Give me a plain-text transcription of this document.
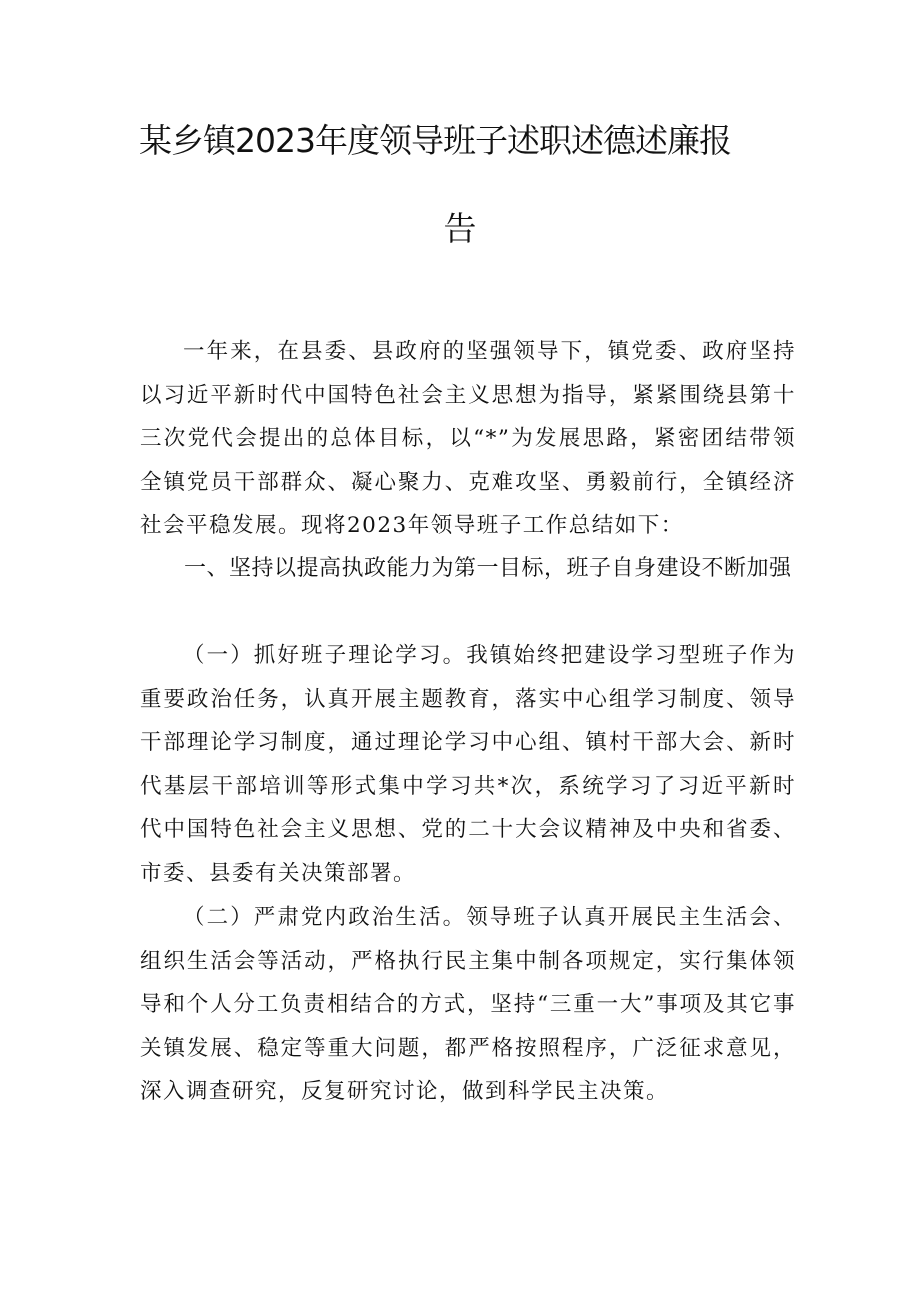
某乡镇2023年度领导班子述职述德述廉报
告
一年来，在县委、县政府的坚强领导下，镇党委、政府坚持以习近平新时代中国特色社会主义思想为指导，紧紧围绕县第十三次党代会提出的总体目标，以“*”为发展思路，紧密团结带领全镇党员干部群众、凝心聚力、克难攻坚、勇毅前行，全镇经济社会平稳发展。现将2023年领导班子工作总结如下：
一、坚持以提高执政能力为第一目标，班子自身建设不断加强
（一）抓好班子理论学习。我镇始终把建设学习型班子作为重要政治任务，认真开展主题教育，落实中心组学习制度、领导干部理论学习制度，通过理论学习中心组、镇村干部大会、新时代基层干部培训等形式集中学习共*次，系统学习了习近平新时代中国特色社会主义思想、党的二十大会议精神及中央和省委、市委、县委有关决策部署。
（二）严肃党内政治生活。领导班子认真开展民主生活会、组织生活会等活动，严格执行民主集中制各项规定，实行集体领导和个人分工负责相结合的方式，坚持“三重一大”事项及其它事关镇发展、稳定等重大问题，都严格按照程序，广泛征求意见，深入调查研究，反复研究讨论，做到科学民主决策。
